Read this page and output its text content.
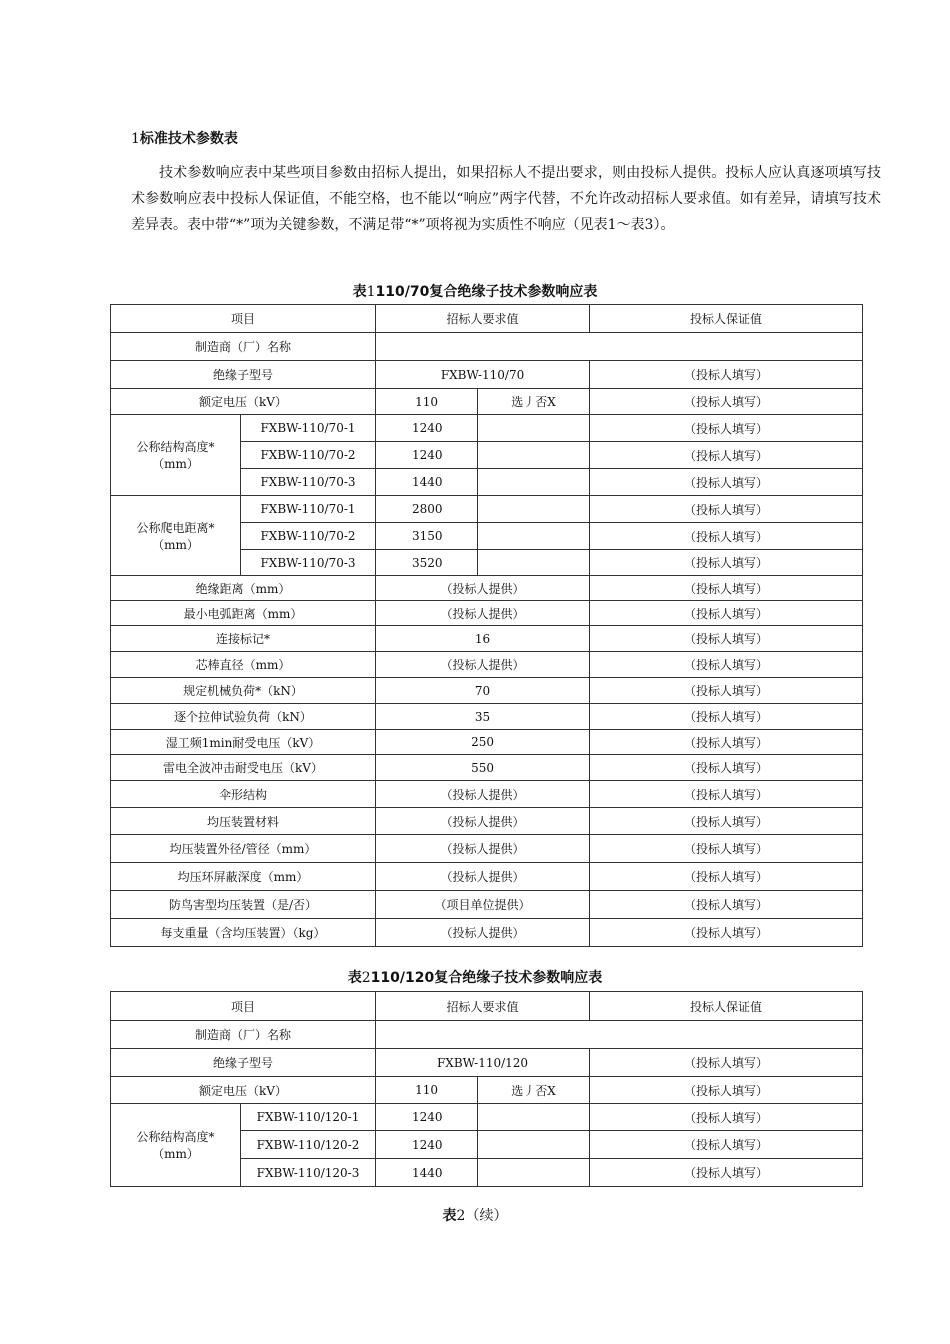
1标准技术参数表
技术参数响应表中某些项目参数由招标人提出，如果招标人不提出要求，则由投标人提供。投标人应认真逐项填写技术参数响应表中投标人保证值，不能空格，也不能以“响应”两字代替，不允许改动招标人要求值。如有差异，请填写技术差异表。表中带“*”项为关键参数，不满足带“*”项将视为实质性不响应（见表1～表3）。
表1110/70复合绝缘子技术参数响应表
项目		招标人要求值		投标人保证值
制造商（厂）名称				
绝缘子型号		FXBW-110/70		（投标人填写）
额定电压（kV）		110	选丿否X	（投标人填写）
公称结构高度*
（mm）	FXBW-110/70-1	1240		（投标人填写）
	FXBW-110/70-2	1240		（投标人填写）
	FXBW-110/70-3	1440		（投标人填写）
公称爬电距离*
（mm）	FXBW-110/70-1	2800		（投标人填写）
	FXBW-110/70-2	3150		（投标人填写）
	FXBW-110/70-3	3520		（投标人填写）
绝缘距离（mm）		（投标人提供）		（投标人填写）
最小电弧距离（mm）		（投标人提供）		（投标人填写）
连接标记*		16		（投标人填写）
芯棒直径（mm）		（投标人提供）		（投标人填写）
规定机械负荷*（kN）		70		（投标人填写）
逐个拉伸试验负荷（kN）		35		（投标人填写）
湿工频1min耐受电压（kV）		250		（投标人填写）
雷电全波冲击耐受电压（kV）		550		（投标人填写）
伞形结构		（投标人提供）		（投标人填写）
均压装置材料		（投标人提供）		（投标人填写）
均压装置外径/管径（mm）		（投标人提供）		（投标人填写）
均压环屏蔽深度（mm）		（投标人提供）		（投标人填写）
防鸟害型均压装置（是/否）		（项目单位提供）		（投标人填写）
每支重量（含均压装置）（kg）		（投标人提供）		（投标人填写）
表2110/120复合绝缘子技术参数响应表
项目		招标人要求值		投标人保证值
制造商（厂）名称				
绝缘子型号		FXBW-110/120		（投标人填写）
额定电压（kV）		110	选丿否X	（投标人填写）
公称结构高度*
（mm）	FXBW-110/120-1	1240		（投标人填写）
	FXBW-110/120-2	1240		（投标人填写）
	FXBW-110/120-3	1440		（投标人填写）
表2（续）
